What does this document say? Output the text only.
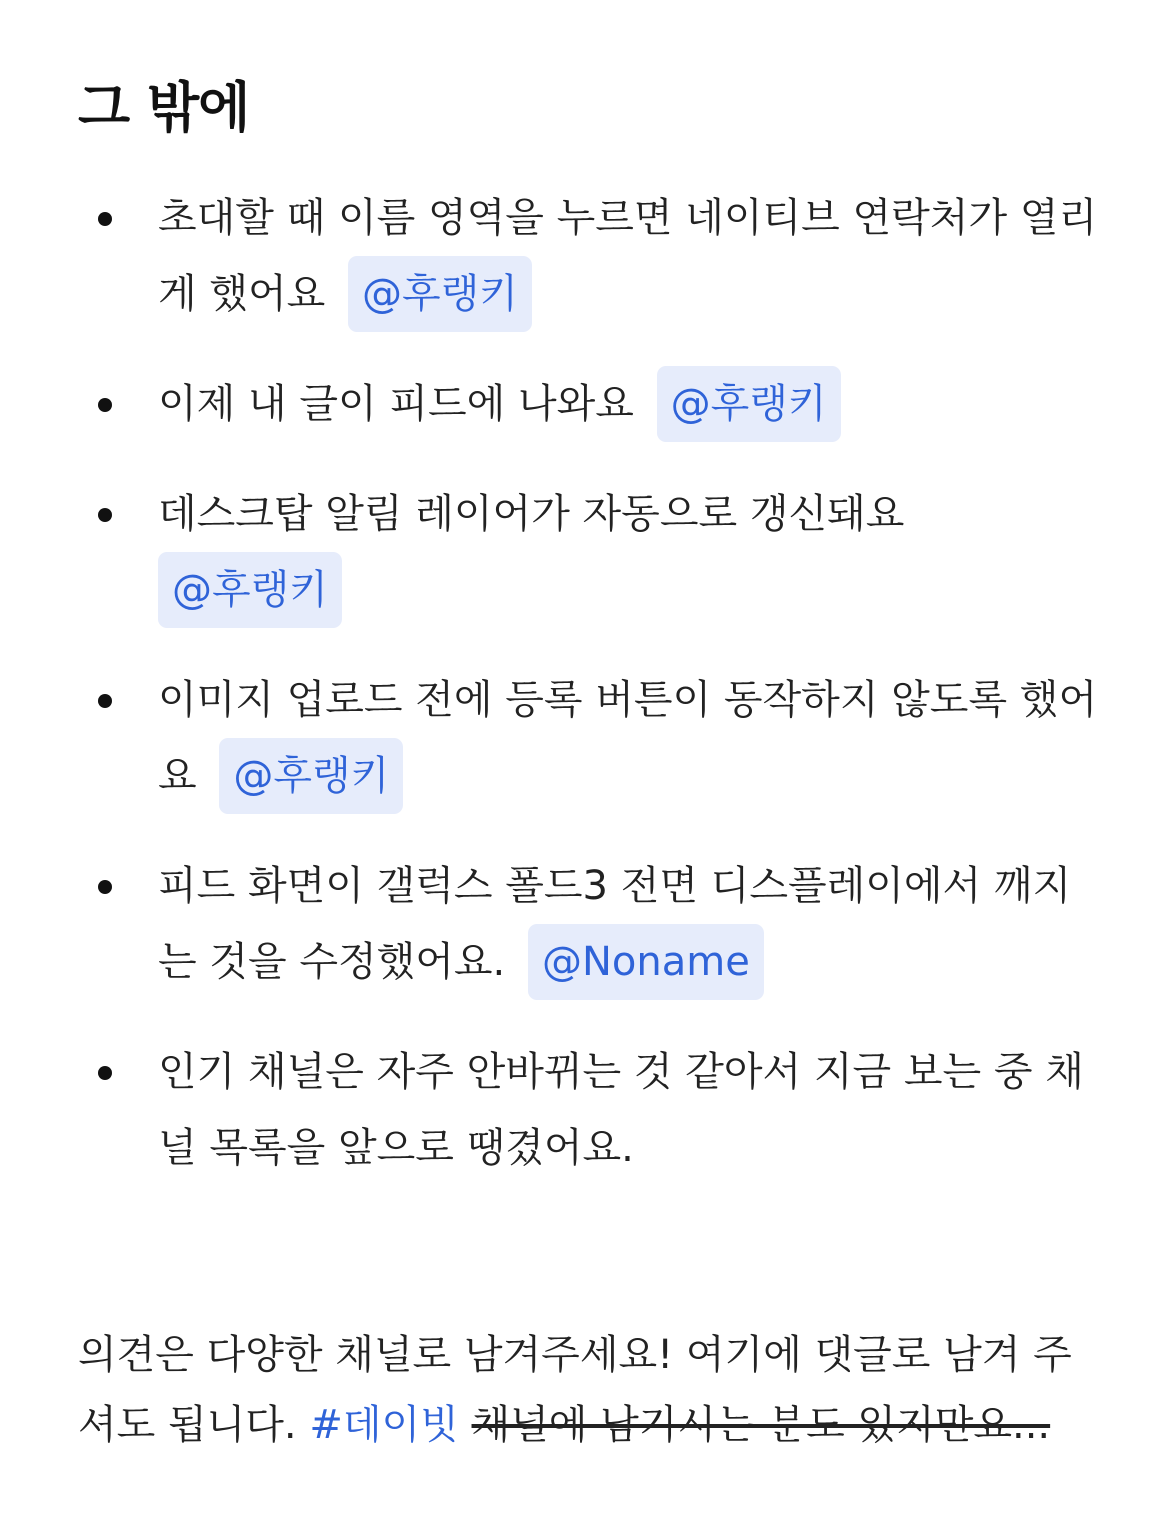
그 밖에
초대할 때 이름 영역을 누르면 네이티브 연락처가 열리게 했어요 @후랭키
이제 내 글이 피드에 나와요 @후랭키
데스크탑 알림 레이어가 자동으로 갱신돼요
@후랭키
이미지 업로드 전에 등록 버튼이 동작하지 않도록 했어요 @후랭키
피드 화면이 갤럭스 폴드3 전면 디스플레이에서 깨지는 것을 수정했어요. @Noname
인기 채널은 자주 안바뀌는 것 같아서 지금 보는 중 채널 목록을 앞으로 땡겼어요.

의견은 다양한 채널로 남겨주세요! 여기에 댓글로 남겨 주셔도 됩니다. #데이빗 채널에 남기시는 분도 있지만요...
